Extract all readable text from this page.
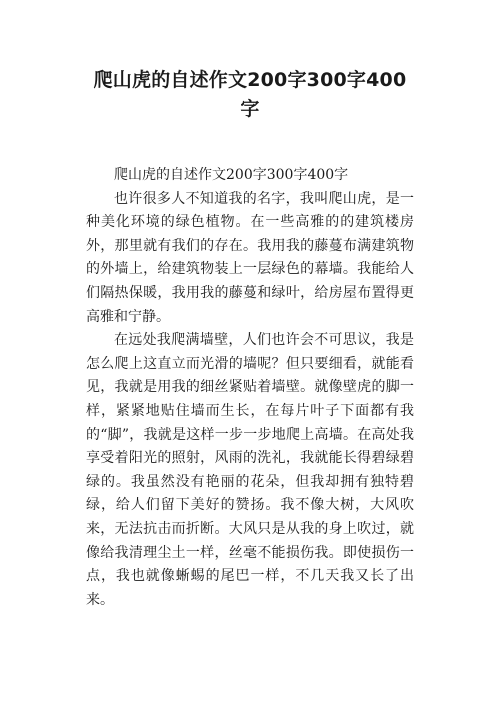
爬山虎的自述作文200字300字400字

爬山虎的自述作文200字300字400字

也许很多人不知道我的名字，我叫爬山虎，是一种美化环境的绿色植物。在一些高雅的的建筑楼房外，那里就有我们的存在。我用我的藤蔓布满建筑物的外墙上，给建筑物装上一层绿色的幕墙。我能给人们隔热保暖，我用我的藤蔓和绿叶，给房屋布置得更高雅和宁静。

在远处我爬满墙壁，人们也许会不可思议，我是怎么爬上这直立而光滑的墙呢？但只要细看，就能看见，我就是用我的细丝紧贴着墙壁。就像壁虎的脚一样，紧紧地贴住墙而生长，在每片叶子下面都有我的“脚”，我就是这样一步一步地爬上高墙。在高处我享受着阳光的照射，风雨的洗礼，我就能长得碧绿碧绿的。我虽然没有艳丽的花朵，但我却拥有独特碧绿，给人们留下美好的赞扬。我不像大树，大风吹来，无法抗击而折断。大风只是从我的身上吹过，就像给我清理尘土一样，丝毫不能损伤我。即使损伤一点，我也就像蜥蜴的尾巴一样，不几天我又长了出来。
